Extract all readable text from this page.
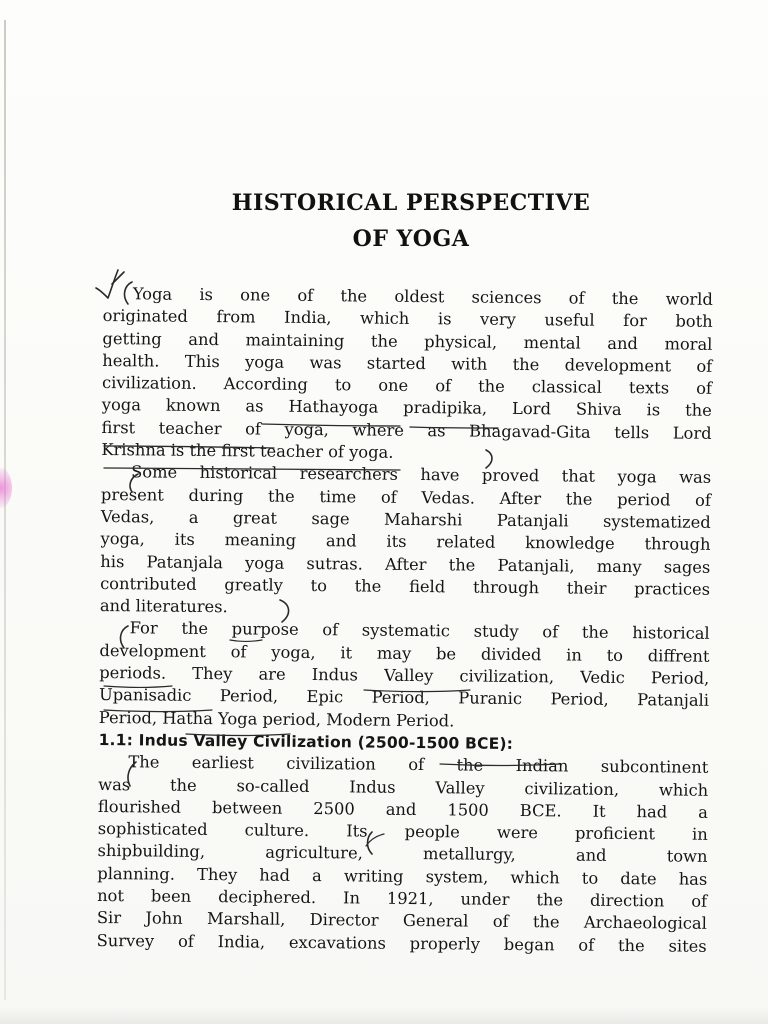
HISTORICAL PERSPECTIVE
OF YOGA
Yoga is one of the oldest sciences of the world
originated from India, which is very useful for both
getting and maintaining the physical, mental and moral
health. This yoga was started with the development of
civilization. According to one of the classical texts of
yoga known as Hathayoga pradipika, Lord Shiva is the
first teacher of yoga, where as Bhagavad-Gita tells Lord
Krishna is the first teacher of yoga.
Some historical researchers have proved that yoga was
present during the time of Vedas. After the period of
Vedas, a great sage Maharshi Patanjali systematized
yoga, its meaning and its related knowledge through
his Patanjala yoga sutras. After the Patanjali, many sages
contributed greatly to the field through their practices
and literatures.
For the purpose of systematic study of the historical
development of yoga, it may be divided in to diffrent
periods. They are Indus Valley civilization, Vedic Period,
Upanisadic Period, Epic Period, Puranic Period, Patanjali
Period, Hatha Yoga period, Modern Period.
1.1: Indus Valley Civilization (2500-1500 BCE):
The earliest civilization of the Indian subcontinent
was the so-called Indus Valley civilization, which
flourished between 2500 and 1500 BCE. It had a
sophisticated culture. Its people were proficient in
shipbuilding, agriculture, metallurgy, and town
planning. They had a writing system, which to date has
not been deciphered. In 1921, under the direction of
Sir John Marshall, Director General of the Archaeological
Survey of India, excavations properly began of the sites
